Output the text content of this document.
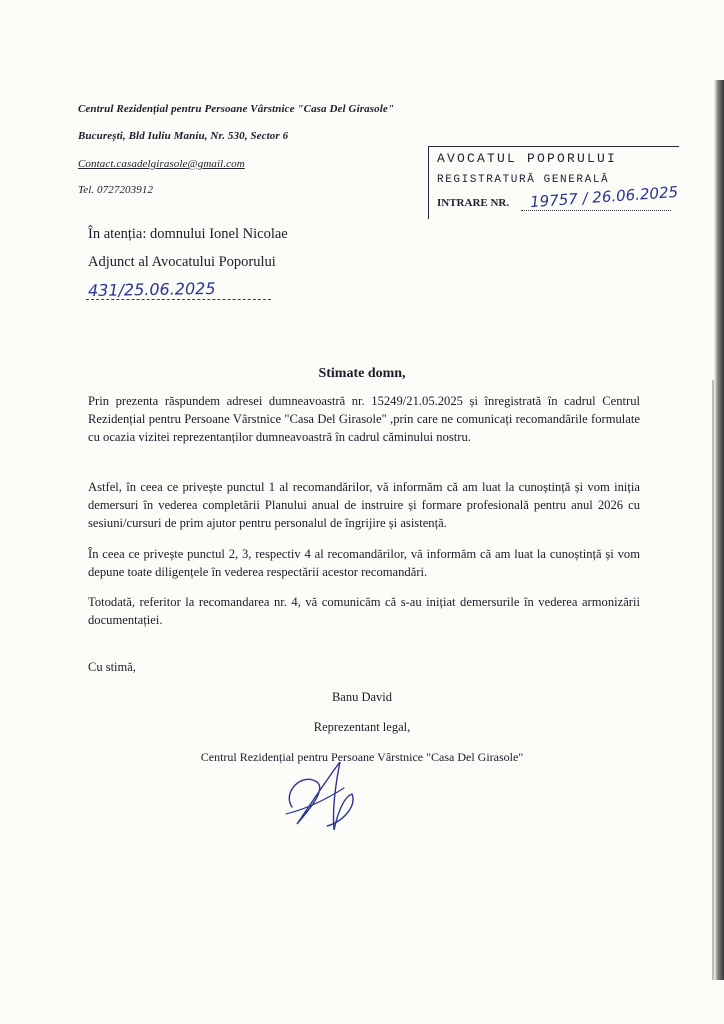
Centrul Rezidențial pentru Persoane Vârstnice "Casa Del Girasole"
București, Bld Iuliu Maniu, Nr. 530, Sector 6
Contact.casadelgirasole@gmail.com
Tel. 0727203912
AVOCATUL POPORULUI
REGISTRATURĂ GENERALĂ
INTRARE NR. 19757 / 26.06.2025
În atenția: domnului Ionel Nicolae
Adjunct al Avocatului Poporului
431/25.06.2025
Stimate domn,

Prin prezenta răspundem adresei dumneavoastră nr. 15249/21.05.2025 și înregistrată în cadrul Centrul Rezidențial pentru Persoane Vârstnice "Casa Del Girasole" ,prin care ne comunicați recomandările formulate cu ocazia vizitei reprezentanților dumneavoastră în cadrul căminului nostru.

Astfel, în ceea ce privește punctul 1 al recomandărilor, vă informăm că am luat la cunoștință și vom iniția demersuri în vederea completării Planului anual de instruire și formare profesională pentru anul 2026 cu sesiuni/cursuri de prim ajutor pentru personalul de îngrijire și asistență.

În ceea ce privește punctul 2, 3, respectiv 4 al recomandărilor, vă informăm că am luat la cunoștință și vom depune toate diligențele în vederea respectării acestor recomandări.

Totodată, referitor la recomandarea nr. 4, vă comunicăm că s-au inițiat demersurile în vederea armonizării documentației.

Cu stimă,
Banu David
Reprezentant legal,
Centrul Rezidențial pentru Persoane Vârstnice "Casa Del Girasole"
